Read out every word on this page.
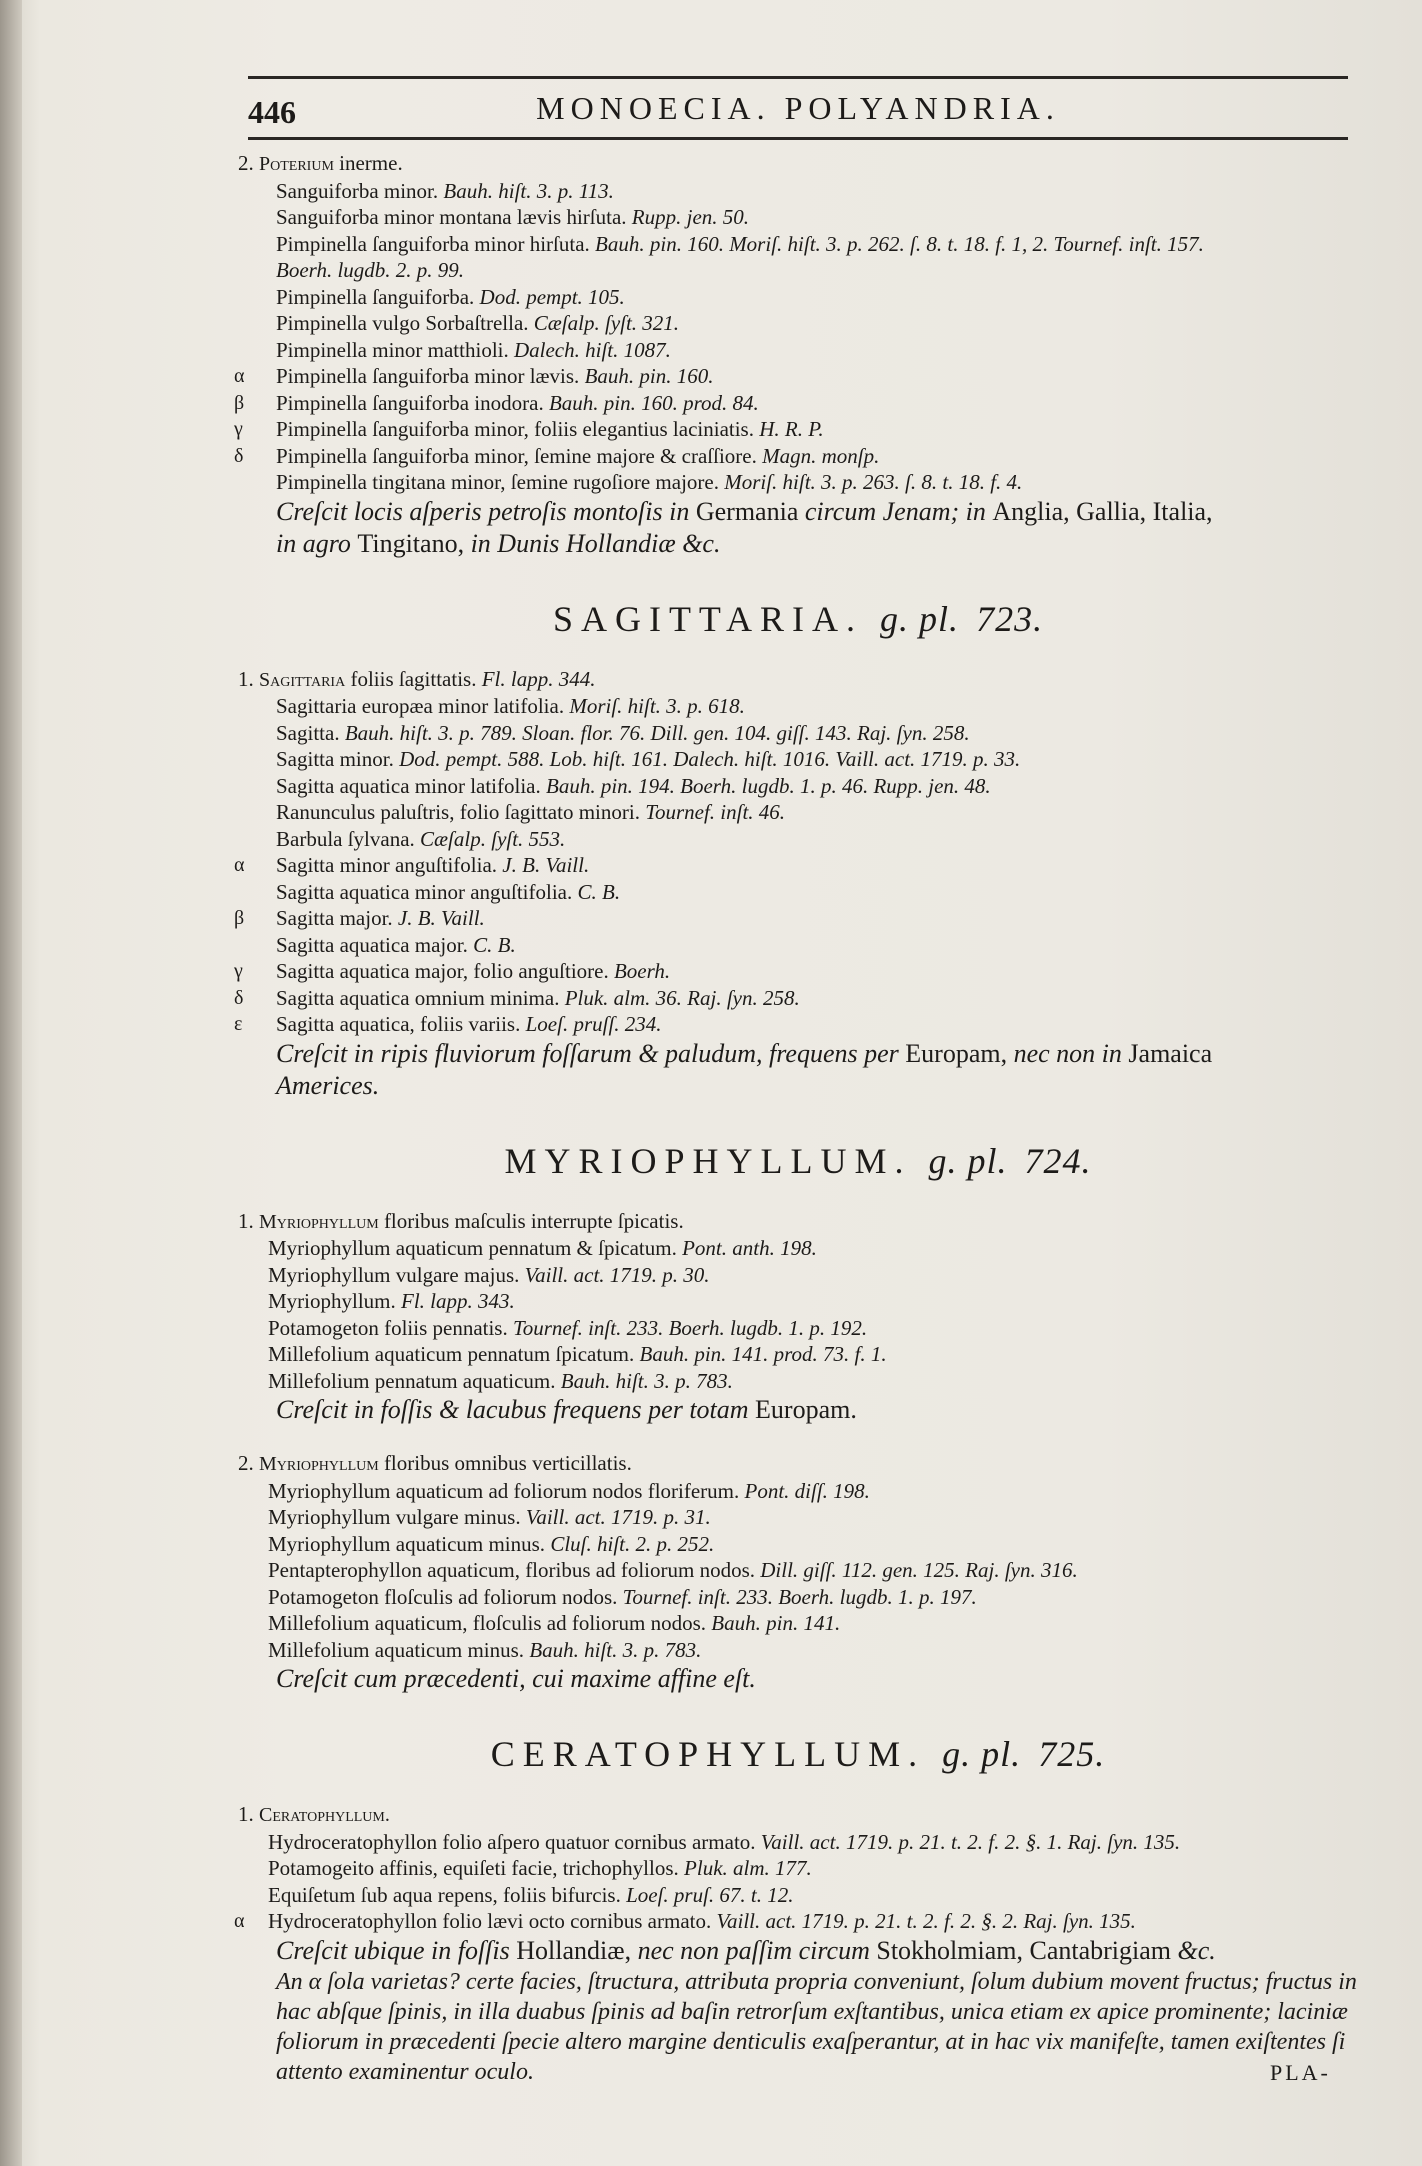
446	MONOECIA. POLYANDRIA.
2. Poterium inerme.
Sanguiforba minor. Bauh. hiſt. 3. p. 113.
Sanguiforba minor montana lævis hirſuta. Rupp. jen. 50.
Pimpinella ſanguiforba minor hirſuta. Bauh. pin. 160. Moriſ. hiſt. 3. p. 262. ſ. 8. t. 18. f. 1, 2. Tournef. inſt. 157.
Boerh. lugdb. 2. p. 99.
Pimpinella ſanguiforba. Dod. pempt. 105.
Pimpinella vulgo Sorbaſtrella. Cæſalp. ſyſt. 321.
Pimpinella minor matthioli. Dalech. hiſt. 1087.
α Pimpinella ſanguiforba minor lævis. Bauh. pin. 160.
β Pimpinella ſanguiforba inodora. Bauh. pin. 160. prod. 84.
γ Pimpinella ſanguiforba minor, foliis elegantius laciniatis. H. R. P.
δ Pimpinella ſanguiforba minor, ſemine majore & craſſiore. Magn. monſp.
Pimpinella tingitana minor, ſemine rugoſiore majore. Moriſ. hiſt. 3. p. 263. ſ. 8. t. 18. f. 4.
Creſcit locis aſperis petroſis montoſis in Germania circum Jenam; in Anglia, Gallia, Italia,
in agro Tingitano, in Dunis Hollandiæ &c.
SAGITTARIA. g. pl. 723.
1. Sagittaria foliis ſagittatis. Fl. lapp. 344.
Sagittaria europæa minor latifolia. Moriſ. hiſt. 3. p. 618.
Sagitta. Bauh. hiſt. 3. p. 789. Sloan. flor. 76. Dill. gen. 104. giſſ. 143. Raj. ſyn. 258.
Sagitta minor. Dod. pempt. 588. Lob. hiſt. 161. Dalech. hiſt. 1016. Vaill. act. 1719. p. 33.
Sagitta aquatica minor latifolia. Bauh. pin. 194. Boerh. lugdb. 1. p. 46. Rupp. jen. 48.
Ranunculus paluſtris, folio ſagittato minori. Tournef. inſt. 46.
Barbula ſylvana. Cæſalp. ſyſt. 553.
α Sagitta minor anguſtifolia. J. B. Vaill.
Sagitta aquatica minor anguſtifolia. C. B.
β Sagitta major. J. B. Vaill.
Sagitta aquatica major. C. B.
γ Sagitta aquatica major, folio anguſtiore. Boerh.
δ Sagitta aquatica omnium minima. Pluk. alm. 36. Raj. ſyn. 258.
ε Sagitta aquatica, foliis variis. Loeſ. pruſſ. 234.
Creſcit in ripis fluviorum foſſarum & paludum, frequens per Europam, nec non in Jamaica
Americes.
MYRIOPHYLLUM. g. pl. 724.
1. Myriophyllum floribus maſculis interrupte ſpicatis.
Myriophyllum aquaticum pennatum & ſpicatum. Pont. anth. 198.
Myriophyllum vulgare majus. Vaill. act. 1719. p. 30.
Myriophyllum. Fl. lapp. 343.
Potamogeton foliis pennatis. Tournef. inſt. 233. Boerh. lugdb. 1. p. 192.
Millefolium aquaticum pennatum ſpicatum. Bauh. pin. 141. prod. 73. f. 1.
Millefolium pennatum aquaticum. Bauh. hiſt. 3. p. 783.
Creſcit in foſſis & lacubus frequens per totam Europam.
2. Myriophyllum floribus omnibus verticillatis.
Myriophyllum aquaticum ad foliorum nodos floriferum. Pont. diſſ. 198.
Myriophyllum vulgare minus. Vaill. act. 1719. p. 31.
Myriophyllum aquaticum minus. Cluſ. hiſt. 2. p. 252.
Pentapterophyllon aquaticum, floribus ad foliorum nodos. Dill. giſſ. 112. gen. 125. Raj. ſyn. 316.
Potamogeton floſculis ad foliorum nodos. Tournef. inſt. 233. Boerh. lugdb. 1. p. 197.
Millefolium aquaticum, floſculis ad foliorum nodos. Bauh. pin. 141.
Millefolium aquaticum minus. Bauh. hiſt. 3. p. 783.
Creſcit cum præcedenti, cui maxime affine eſt.
CERATOPHYLLUM. g. pl. 725.
1. Ceratophyllum.
Hydroceratophyllon folio aſpero quatuor cornibus armato. Vaill. act. 1719. p. 21. t. 2. f. 2. §. 1. Raj. ſyn. 135.
Potamogeito affinis, equiſeti facie, trichophyllos. Pluk. alm. 177.
Equiſetum ſub aqua repens, foliis bifurcis. Loeſ. pruſ. 67. t. 12.
α Hydroceratophyllon folio lævi octo cornibus armato. Vaill. act. 1719. p. 21. t. 2. f. 2. §. 2. Raj. ſyn. 135.
Creſcit ubique in foſſis Hollandiæ, nec non paſſim circum Stokholmiam, Cantabrigiam &c.
An α ſola varietas? certe facies, ſtructura, attributa propria conveniunt, ſolum dubium movent fructus; fructus in hac abſque ſpinis, in illa duabus ſpinis ad baſin retrorſum exſtantibus, unica etiam ex apice prominente; laciniæ foliorum in præcedenti ſpecie altero margine denticulis exaſperantur, at in hac vix manifeſte, tamen exiſtentes ſi attento examinentur oculo.	PLA-
